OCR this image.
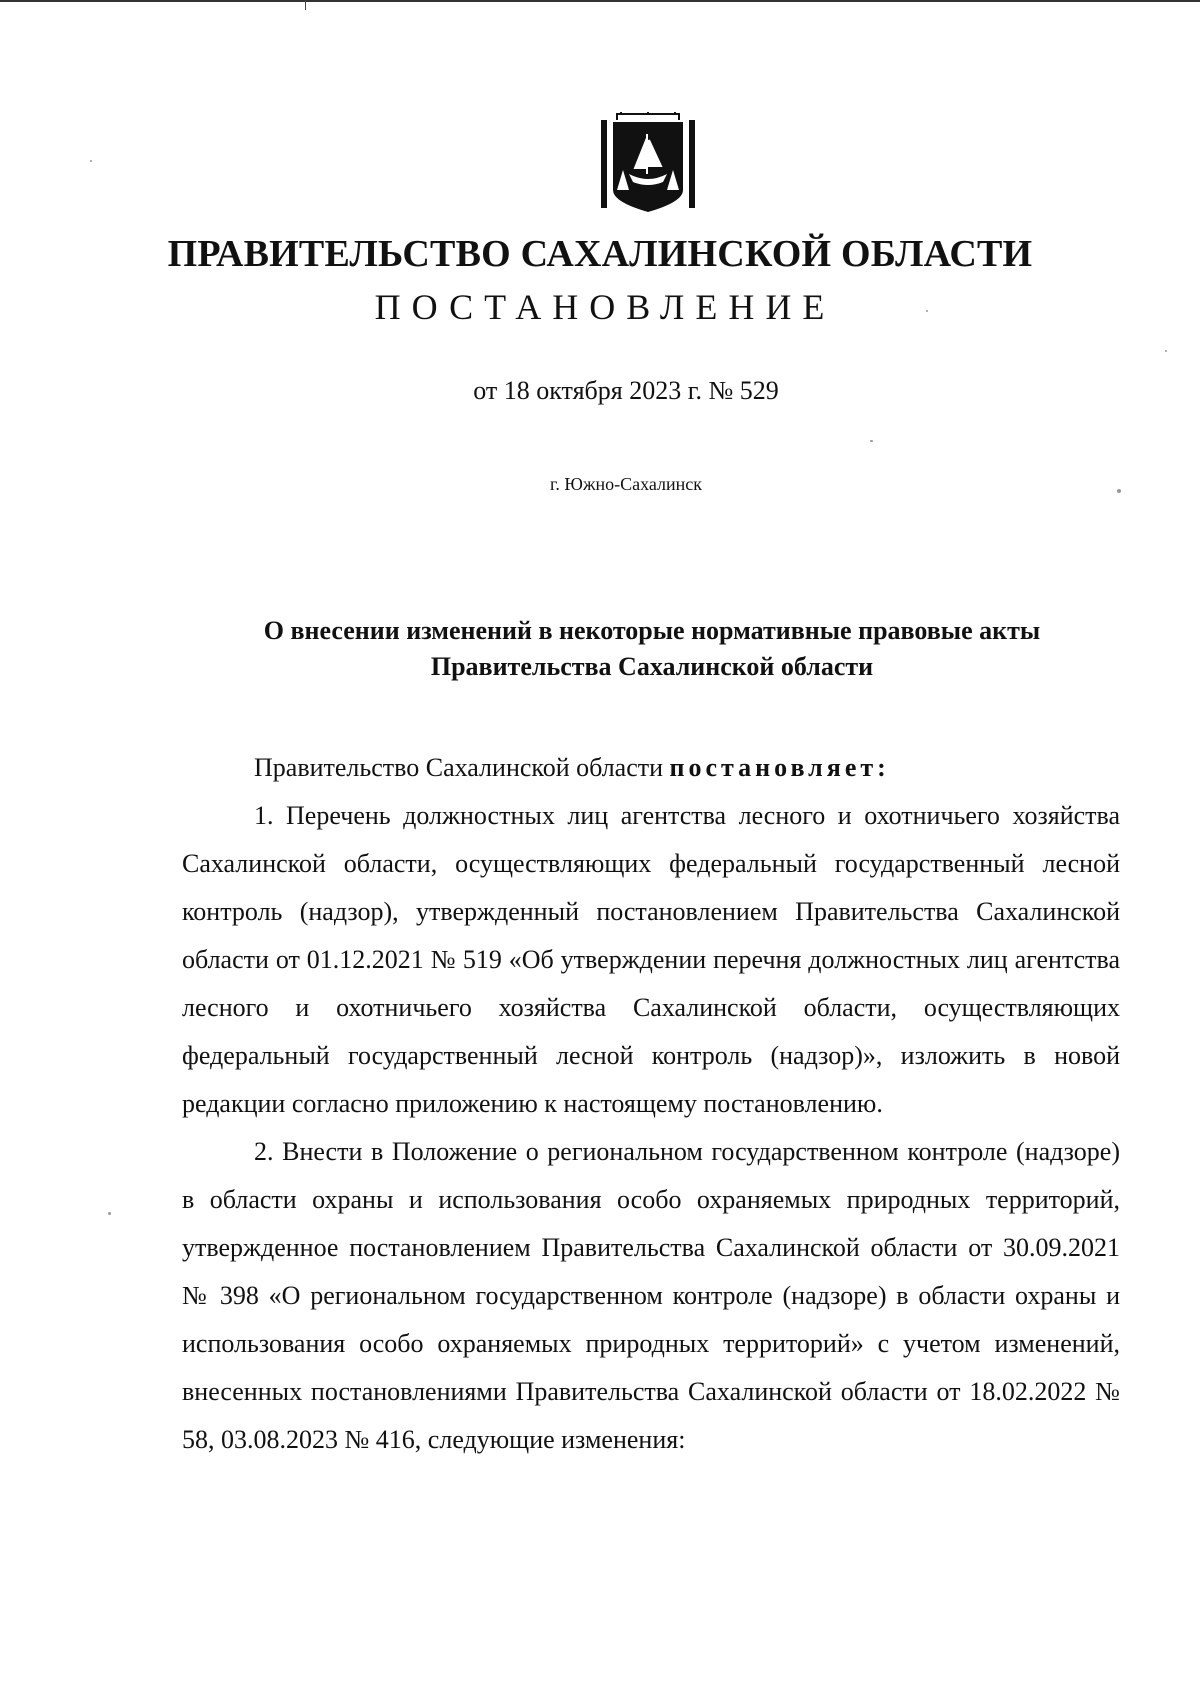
ПРАВИТЕЛЬСТВО САХАЛИНСКОЙ ОБЛАСТИ
ПОСТАНОВЛЕНИЕ
от 18 октября 2023 г. № 529
г. Южно-Сахалинск
О внесении изменений в некоторые нормативные правовые акты
Правительства Сахалинской области

Правительство Сахалинской области постановляет:

1. Перечень должностных лиц агентства лесного и охотничьего хозяйства Сахалинской области, осуществляющих федеральный государственный лесной контроль (надзор), утвержденный постановлением Правительства Сахалинской области от 01.12.2021 № 519 «Об утверждении перечня должностных лиц агентства лесного и охотничьего хозяйства Сахалинской области, осуществляющих федеральный государственный лесной контроль (надзор)», изложить в новой редакции согласно приложению к настоящему постановлению.

2. Внести в Положение о региональном государственном контроле (надзоре) в области охраны и использования особо охраняемых природных территорий, утвержденное постановлением Правительства Сахалинской области от 30.09.2021 № 398 «О региональном государственном контроле (надзоре) в области охраны и использования особо охраняемых природных территорий» с учетом изменений, внесенных постановлениями Правительства Сахалинской области от 18.02.2022 № 58, 03.08.2023 № 416, следующие изменения:
